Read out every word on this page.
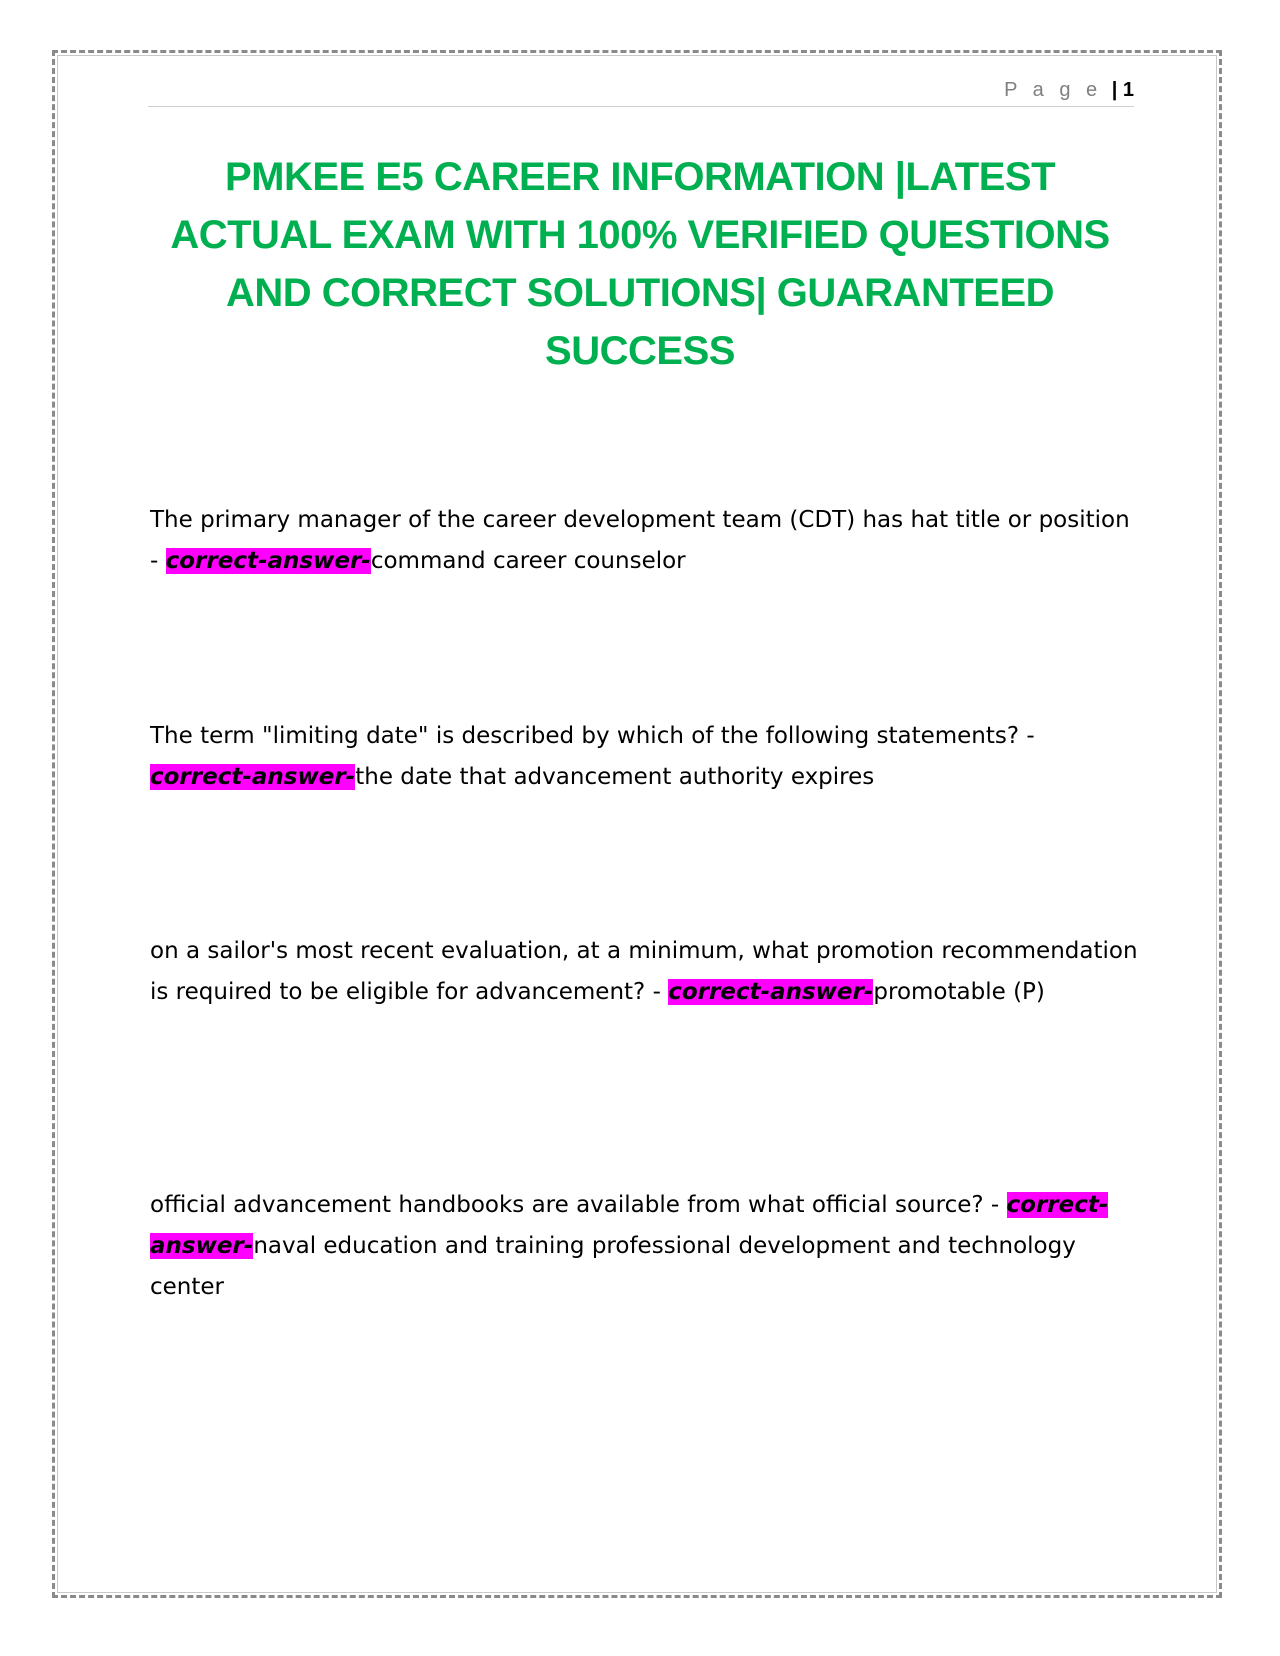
P a g e | 1
PMKEE E5 CAREER INFORMATION |LATEST ACTUAL EXAM WITH 100% VERIFIED QUESTIONS AND CORRECT SOLUTIONS| GUARANTEED SUCCESS

The primary manager of the career development team (CDT) has hat title or position - correct-answer-command career counselor

The term "limiting date" is described by which of the following statements? - correct-answer-the date that advancement authority expires

on a sailor's most recent evaluation, at a minimum, what promotion recommendation is required to be eligible for advancement? - correct-answer-promotable (P)

official advancement handbooks are available from what official source? - correct-answer-naval education and training professional development and technology center
